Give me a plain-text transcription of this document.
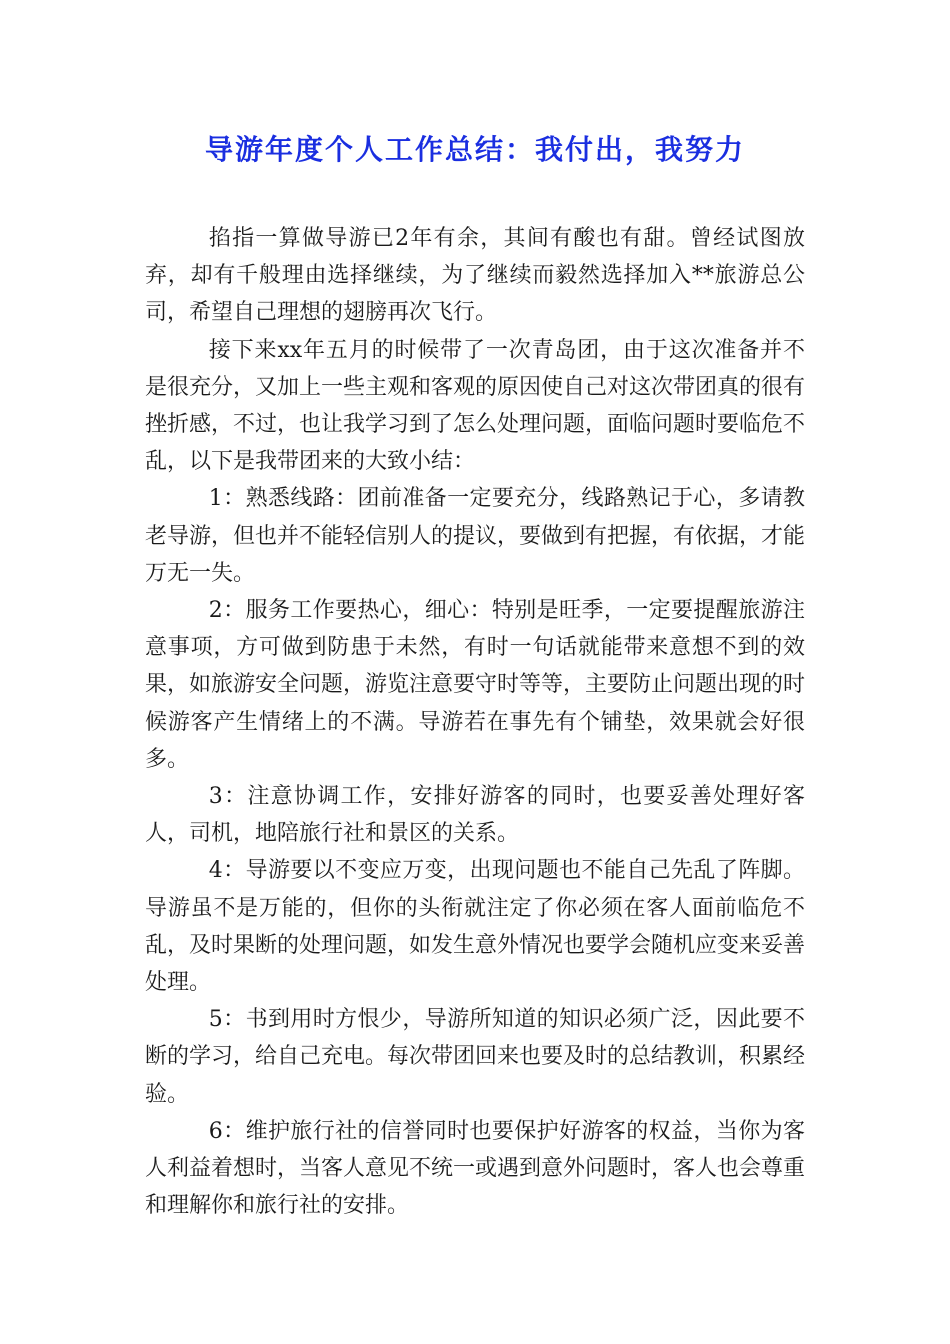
导游年度个人工作总结：我付出，我努力

掐指一算做导游已2年有余，其间有酸也有甜。曾经试图放弃，却有千般理由选择继续，为了继续而毅然选择加入**旅游总公司，希望自己理想的翅膀再次飞行。

接下来xx年五月的时候带了一次青岛团，由于这次准备并不是很充分，又加上一些主观和客观的原因使自己对这次带团真的很有挫折感，不过，也让我学习到了怎么处理问题，面临问题时要临危不乱，以下是我带团来的大致小结：

1：熟悉线路：团前准备一定要充分，线路熟记于心，多请教老导游，但也并不能轻信别人的提议，要做到有把握，有依据，才能万无一失。

2：服务工作要热心，细心：特别是旺季，一定要提醒旅游注意事项，方可做到防患于未然，有时一句话就能带来意想不到的效果，如旅游安全问题，游览注意要守时等等，主要防止问题出现的时候游客产生情绪上的不满。导游若在事先有个铺垫，效果就会好很多。

3：注意协调工作，安排好游客的同时，也要妥善处理好客人，司机，地陪旅行社和景区的关系。

4：导游要以不变应万变，出现问题也不能自己先乱了阵脚。导游虽不是万能的，但你的头衔就注定了你必须在客人面前临危不乱，及时果断的处理问题，如发生意外情况也要学会随机应变来妥善处理。

5：书到用时方恨少，导游所知道的知识必须广泛，因此要不断的学习，给自己充电。每次带团回来也要及时的总结教训，积累经验。

6：维护旅行社的信誉同时也要保护好游客的权益，当你为客人利益着想时，当客人意见不统一或遇到意外问题时，客人也会尊重和理解你和旅行社的安排。
